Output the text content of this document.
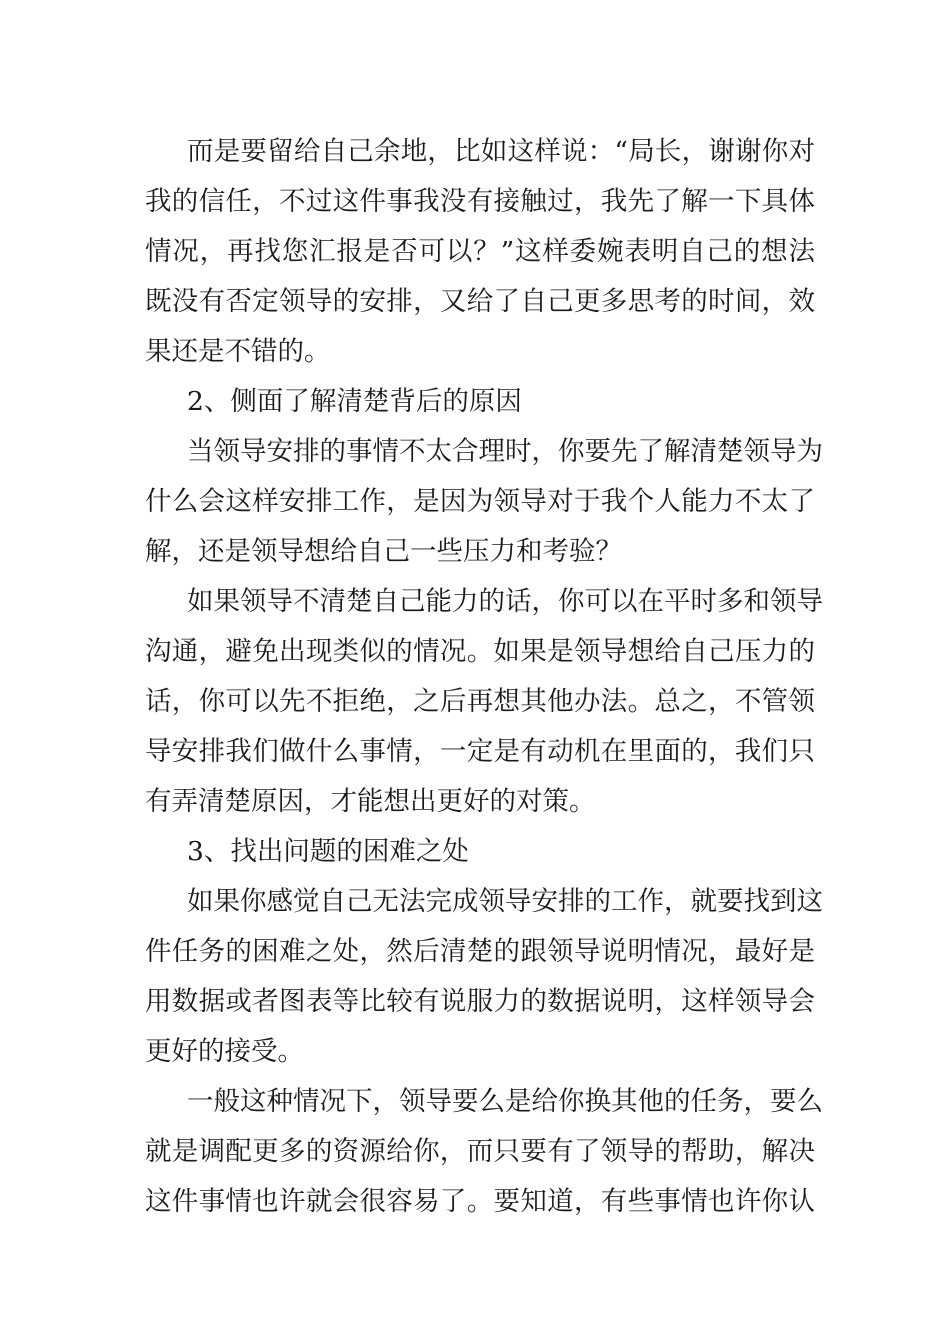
而是要留给自己余地，比如这样说：“局长，谢谢你对
我的信任，不过这件事我没有接触过，我先了解一下具体
情况，再找您汇报是否可以？”这样委婉表明自己的想法
既没有否定领导的安排，又给了自己更多思考的时间，效
果还是不错的。
2、侧面了解清楚背后的原因
当领导安排的事情不太合理时，你要先了解清楚领导为
什么会这样安排工作，是因为领导对于我个人能力不太了
解，还是领导想给自己一些压力和考验？
如果领导不清楚自己能力的话，你可以在平时多和领导
沟通，避免出现类似的情况。如果是领导想给自己压力的
话，你可以先不拒绝，之后再想其他办法。总之，不管领
导安排我们做什么事情，一定是有动机在里面的，我们只
有弄清楚原因，才能想出更好的对策。
3、找出问题的困难之处
如果你感觉自己无法完成领导安排的工作，就要找到这
件任务的困难之处，然后清楚的跟领导说明情况，最好是
用数据或者图表等比较有说服力的数据说明，这样领导会
更好的接受。
一般这种情况下，领导要么是给你换其他的任务，要么
就是调配更多的资源给你，而只要有了领导的帮助，解决
这件事情也许就会很容易了。要知道，有些事情也许你认
